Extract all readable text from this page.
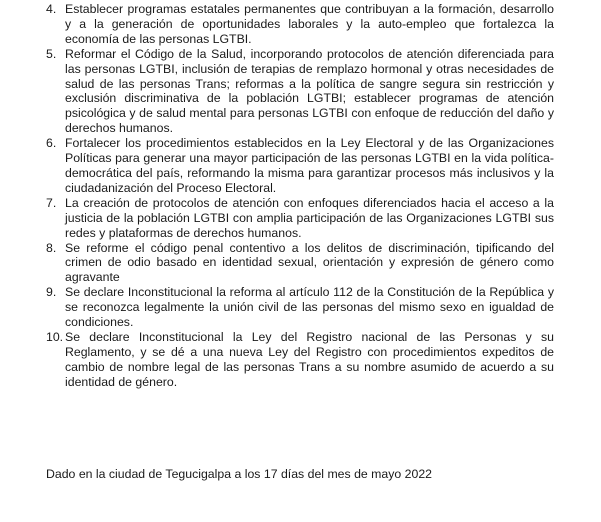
4. Establecer programas estatales permanentes que contribuyan a la formación, desarrollo y a la generación de oportunidades laborales y la auto-empleo que fortalezca la economía de las personas LGTBI.
5. Reformar el Código de la Salud, incorporando protocolos de atención diferenciada para las personas LGTBI, inclusión de terapias de remplazo hormonal y otras necesidades de salud de las personas Trans; reformas a la política de sangre segura sin restricción y exclusión discriminativa de la población LGTBI; establecer programas de atención psicológica y de salud mental para personas LGTBI con enfoque de reducción del daño y derechos humanos.
6. Fortalecer los procedimientos establecidos en la Ley Electoral y de las Organizaciones Políticas para generar una mayor participación de las personas LGTBI en la vida política-democrática del país, reformando la misma para garantizar procesos más inclusivos y la ciudadanización del Proceso Electoral.
7. La creación de protocolos de atención con enfoques diferenciados hacia el acceso a la justicia de la población LGTBI con amplia participación de las Organizaciones LGTBI sus redes y plataformas de derechos humanos.
8. Se reforme el código penal contentivo a los delitos de discriminación, tipificando del crimen de odio basado en identidad sexual, orientación y expresión de género como agravante
9. Se declare Inconstitucional la reforma al artículo 112 de la Constitución de la República y se reconozca legalmente la unión civil de las personas del mismo sexo en igualdad de condiciones.
10. Se declare Inconstitucional la Ley del Registro nacional de las Personas y su Reglamento, y se dé a una nueva Ley del Registro con procedimientos expeditos de cambio de nombre legal de las personas Trans a su nombre asumido de acuerdo a su identidad de género.

Dado en la ciudad de Tegucigalpa a los 17 días del mes de mayo 2022
